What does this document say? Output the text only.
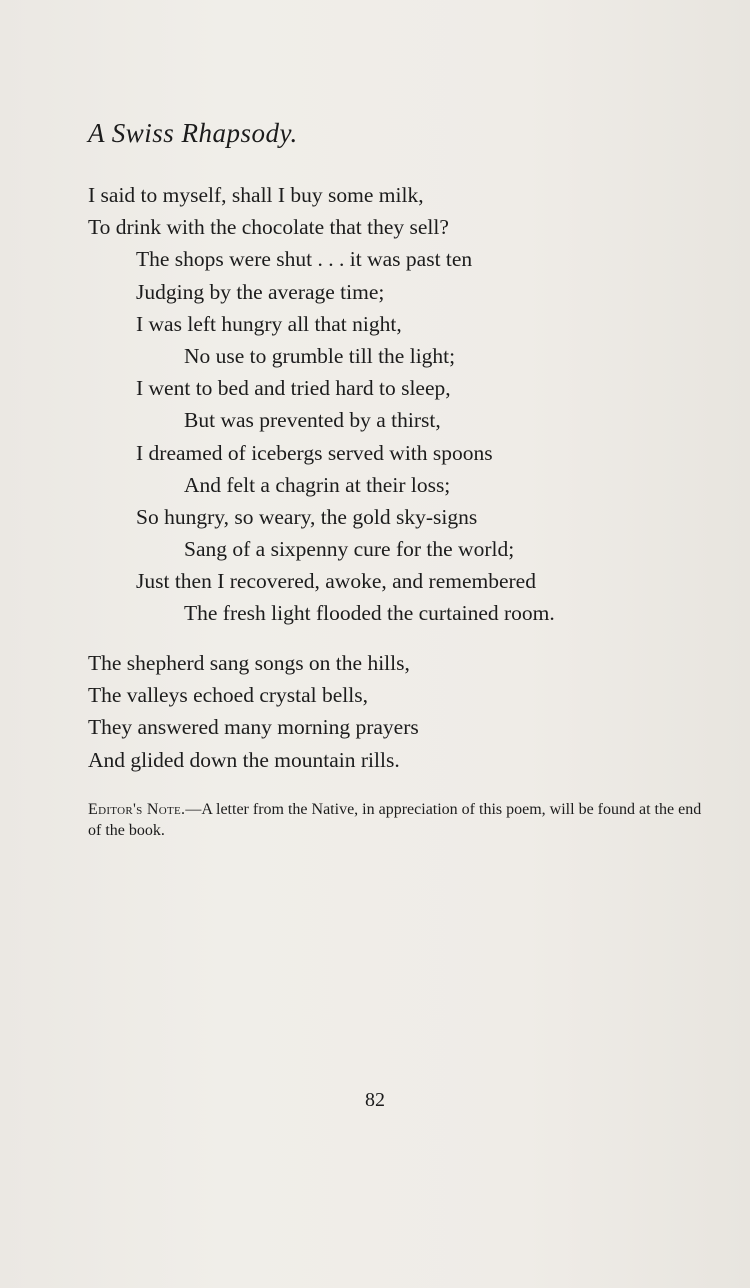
A Swiss Rhapsody.
I said to myself, shall I buy some milk,
To drink with the chocolate that they sell?
The shops were shut . . . it was past ten
Judging by the average time;
I was left hungry all that night,
No use to grumble till the light;
I went to bed and tried hard to sleep,
But was prevented by a thirst,
I dreamed of icebergs served with spoons
And felt a chagrin at their loss;
So hungry, so weary, the gold sky-signs
Sang of a sixpenny cure for the world;
Just then I recovered, awoke, and remembered
The fresh light flooded the curtained room.
The shepherd sang songs on the hills,
The valleys echoed crystal bells,
They answered many morning prayers
And glided down the mountain rills.

Editor's Note.—A letter from the Native, in appreciation of this poem, will be found at the end of the book.

82
